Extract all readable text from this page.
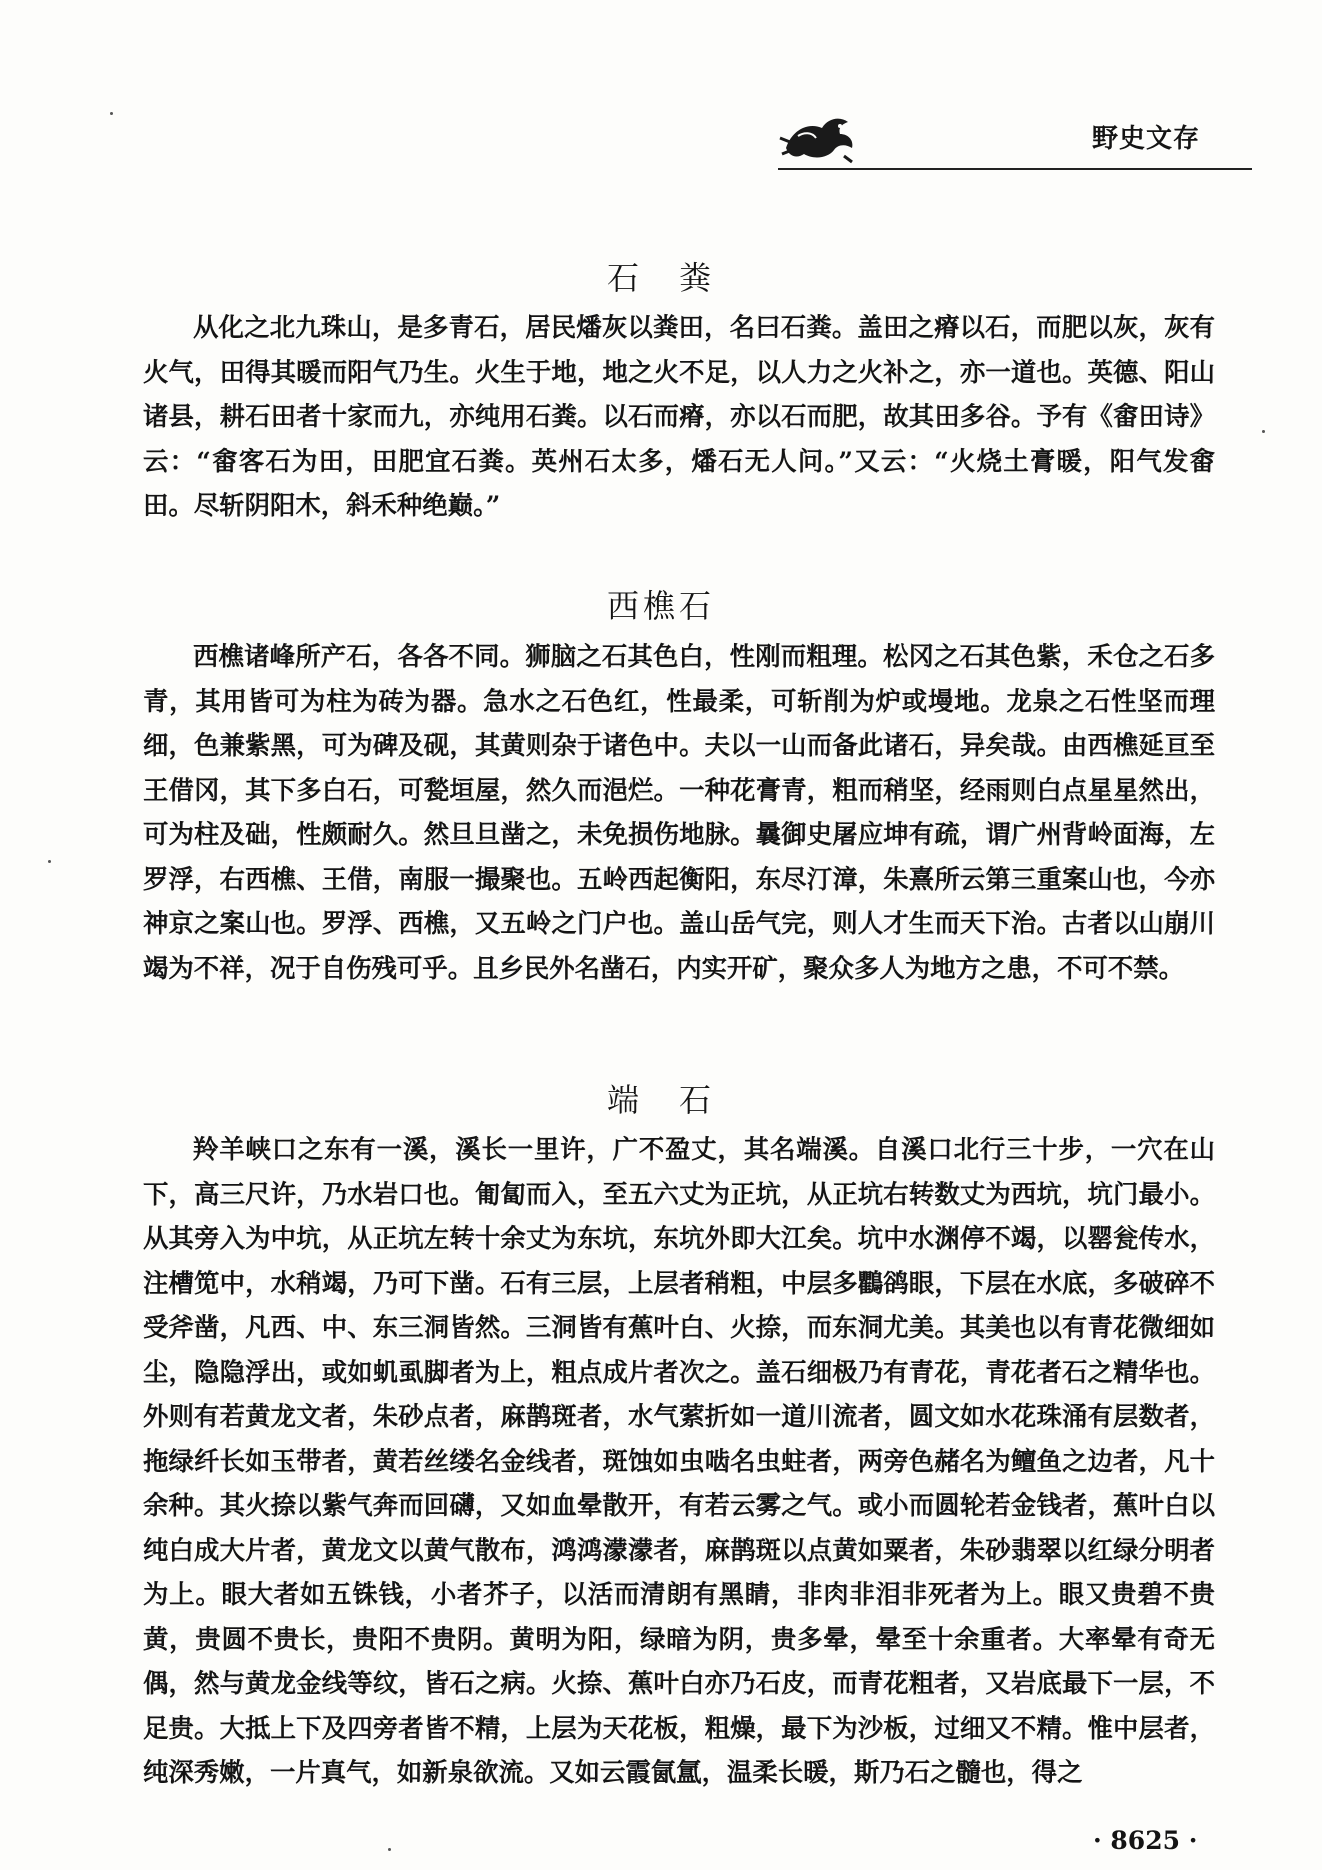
野史文存
石　粪

从化之北九珠山，是多青石，居民燔灰以粪田，名曰石粪。盖田之瘠以石，而肥以灰，灰有火气，田得其暖而阳气乃生。火生于地，地之火不足，以人力之火补之，亦一道也。英德、阳山诸县，耕石田者十家而九，亦纯用石粪。以石而瘠，亦以石而肥，故其田多谷。予有《畬田诗》云：“畬客石为田，田肥宜石粪。英州石太多，燔石无人问。”又云：“火烧土膏暖，阳气发畬田。尽斩阴阳木，斜禾种绝巅。”

西樵石

西樵诸峰所产石，各各不同。狮脑之石其色白，性刚而粗理。松冈之石其色紫，禾仓之石多青，其用皆可为柱为砖为器。急水之石色红，性最柔，可斩削为炉或墁地。龙泉之石性坚而理细，色兼紫黑，可为碑及砚，其黄则杂于诸色中。夫以一山而备此诸石，异矣哉。由西樵延亘至王借冈，其下多白石，可甃垣屋，然久而浥烂。一种花膏青，粗而稍坚，经雨则白点星星然出，可为柱及础，性颇耐久。然旦旦凿之，未免损伤地脉。曩御史屠应坤有疏，谓广州背岭面海，左罗浮，右西樵、王借，南服一撮聚也。五岭西起衡阳，东尽汀漳，朱熹所云第三重案山也，今亦神京之案山也。罗浮、西樵，又五岭之门户也。盖山岳气完，则人才生而天下治。古者以山崩川竭为不祥，况于自伤残可乎。且乡民外名凿石，内实开矿，聚众多人为地方之患，不可不禁。

端　石

羚羊峡口之东有一溪，溪长一里许，广不盈丈，其名端溪。自溪口北行三十步，一穴在山下，高三尺许，乃水岩口也。匍匐而入，至五六丈为正坑，从正坑右转数丈为西坑，坑门最小。从其旁入为中坑，从正坑左转十余丈为东坑，东坑外即大江矣。坑中水渊停不竭，以罂瓮传水，注槽笕中，水稍竭，乃可下凿。石有三层，上层者稍粗，中层多鸜鹆眼，下层在水底，多破碎不受斧凿，凡西、中、东三洞皆然。三洞皆有蕉叶白、火捺，而东洞尤美。其美也以有青花微细如尘，隐隐浮出，或如虮虱脚者为上，粗点成片者次之。盖石细极乃有青花，青花者石之精华也。外则有若黄龙文者，朱砂点者，麻鹊斑者，水气萦折如一道川流者，圆文如水花珠涌有层数者，拖绿纤长如玉带者，黄若丝缕名金线者，斑蚀如虫啮名虫蛀者，两旁色赭名为鳣鱼之边者，凡十余种。其火捺以紫气奔而回礴，又如血晕散开，有若云雾之气。或小而圆轮若金钱者，蕉叶白以纯白成大片者，黄龙文以黄气散布，鸿鸿濛濛者，麻鹊斑以点黄如粟者，朱砂翡翠以红绿分明者为上。眼大者如五铢钱，小者芥子，以活而清朗有黑睛，非肉非泪非死者为上。眼又贵碧不贵黄，贵圆不贵长，贵阳不贵阴。黄明为阳，绿暗为阴，贵多晕，晕至十余重者。大率晕有奇无偶，然与黄龙金线等纹，皆石之病。火捺、蕉叶白亦乃石皮，而青花粗者，又岩底最下一层，不足贵。大抵上下及四旁者皆不精，上层为天花板，粗燥，最下为沙板，过细又不精。惟中层者，纯深秀嫩，一片真气，如新泉欲流。又如云霞氤氲，温柔长暖，斯乃石之髓也，得之

· 8625 ·
